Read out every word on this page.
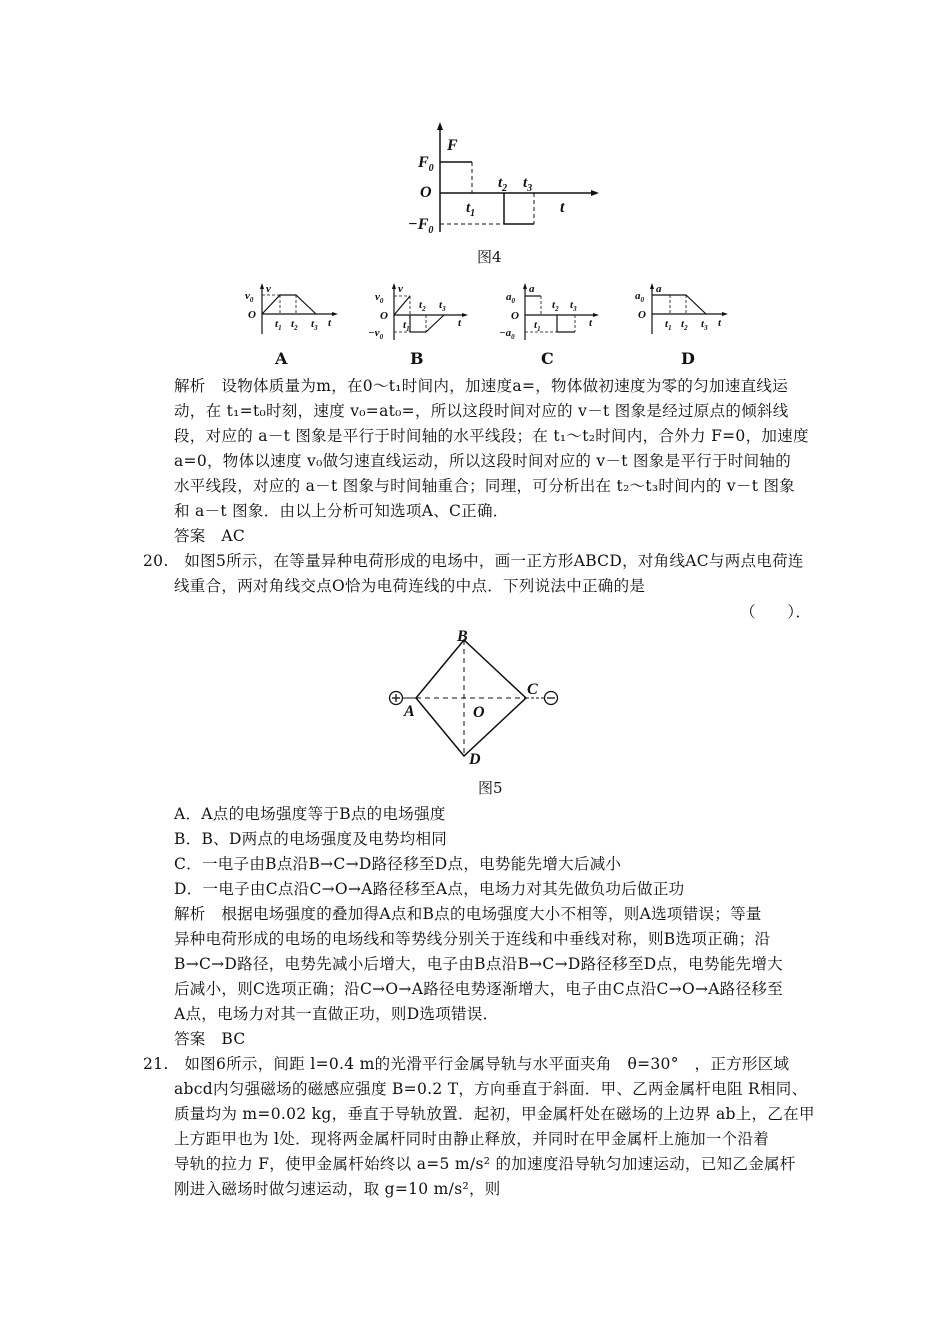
F
$F_0$
O
$-F_0$
$t_1$
$t_2$ $t_3$
t
图4
v
$v_0$
O
$t_1$ $t_2$ $t_3$ t
v
$v_0$
O
$-v_0$
$t_1$
$t_2$ $t_3$
t
a
$a_0$
O
$-a_0$
$t_1$
$t_2$ $t_3$
t
a
$a_0$
O
$t_1$ $t_2$ $t_3$ t
A	B	C	D
解析　设物体质量为m，在0～t₁时间内，加速度a=，物体做初速度为零的匀加速直线运
动，在 t₁=t₀时刻，速度 v₀=at₀=，所以这段时间对应的 v－t 图象是经过原点的倾斜线
段，对应的 a－t 图象是平行于时间轴的水平线段；在 t₁～t₂时间内，合外力 F=0，加速度
a=0，物体以速度 v₀做匀速直线运动，所以这段时间对应的 v－t 图象是平行于时间轴的
水平线段，对应的 a－t 图象与时间轴重合；同理，可分析出在 t₂～t₃时间内的 v－t 图象
和 a－t 图象．由以上分析可知选项A、C正确．
答案　AC
20.　如图5所示，在等量异种电荷形成的电场中，画一正方形ABCD，对角线AC与两点电荷连
线重合，两对角线交点O恰为电荷连线的中点．下列说法中正确的是
（　　）．
B
A
C
O
D
图5
A．A点的电场强度等于B点的电场强度
B．B、D两点的电场强度及电势均相同
C．一电子由B点沿B→C→D路径移至D点，电势能先增大后减小
D．一电子由C点沿C→O→A路径移至A点，电场力对其先做负功后做正功
解析　根据电场强度的叠加得A点和B点的电场强度大小不相等，则A选项错误；等量
异种电荷形成的电场的电场线和等势线分别关于连线和中垂线对称，则B选项正确；沿
B→C→D路径，电势先减小后增大，电子由B点沿B→C→D路径移至D点，电势能先增大
后减小，则C选项正确；沿C→O→A路径电势逐渐增大，电子由C点沿C→O→A路径移至
A点，电场力对其一直做正功，则D选项错误．
答案　BC
21.　如图6所示，间距 l=0.4 m的光滑平行金属导轨与水平面夹角　θ=30°　，正方形区域
abcd内匀强磁场的磁感应强度 B=0.2 T，方向垂直于斜面．甲、乙两金属杆电阻 R相同、
质量均为 m=0.02 kg，垂直于导轨放置．起初，甲金属杆处在磁场的上边界 ab上，乙在甲
上方距甲也为 l处．现将两金属杆同时由静止释放，并同时在甲金属杆上施加一个沿着
导轨的拉力 F，使甲金属杆始终以 a=5 m/s² 的加速度沿导轨匀加速运动，已知乙金属杆
刚进入磁场时做匀速运动，取 g=10 m/s²，则
